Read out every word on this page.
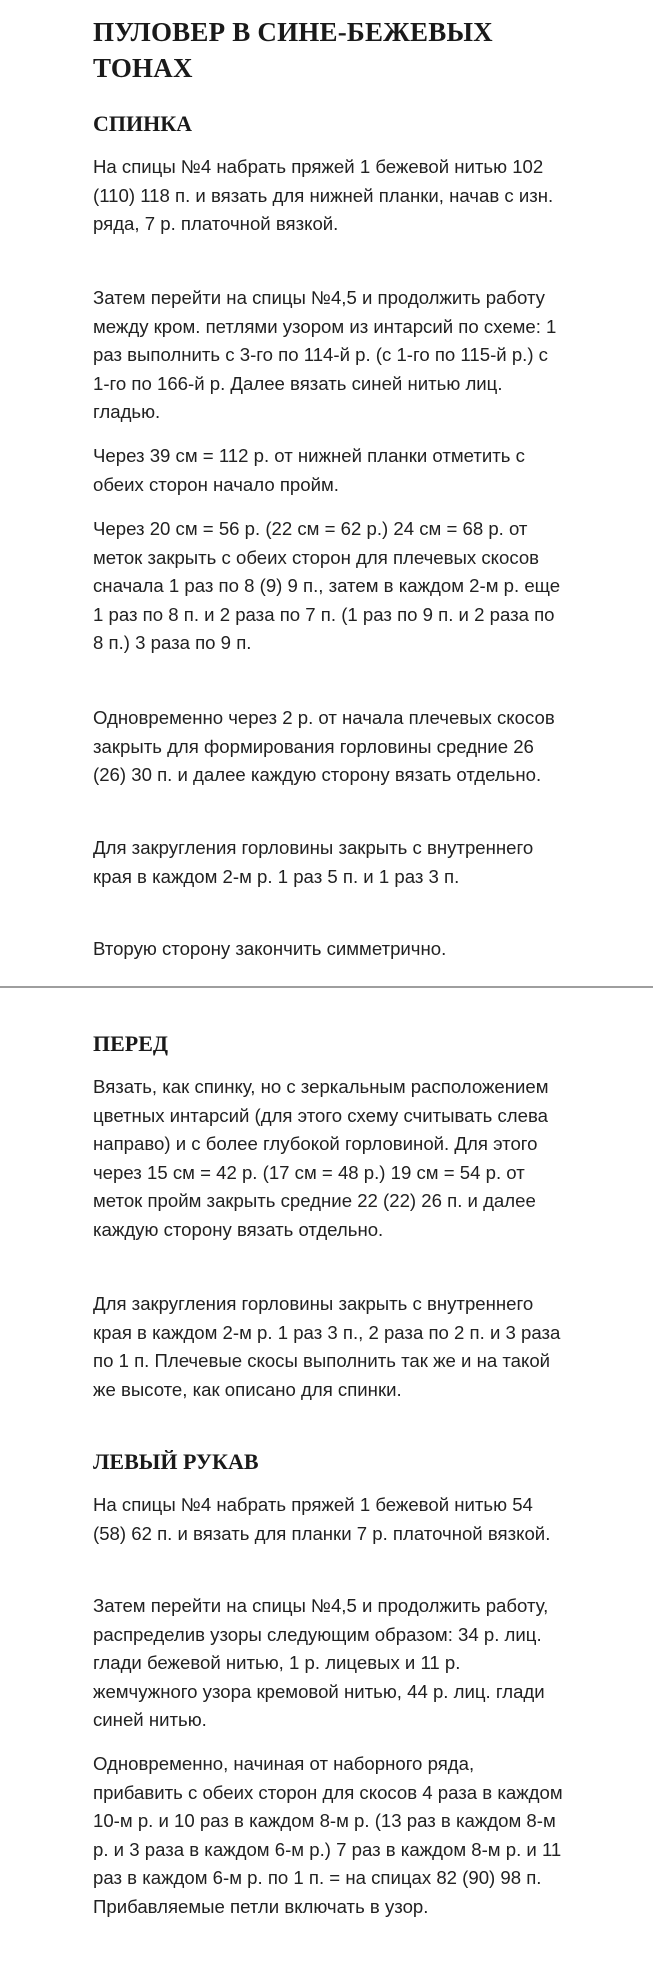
ПУЛОВЕР В СИНЕ-БЕЖЕВЫХ ТОНАХ
СПИНКА

На спицы №4 набрать пряжей 1 бежевой нитью 102 (110) 118 п. и вязать для нижней планки, начав с изн. ряда, 7 р. платочной вязкой.

Затем перейти на спицы №4,5 и продолжить работу между кром. петлями узором из интарсий по схеме: 1 раз выполнить с 3-го по 114-й р. (с 1-го по 115-й р.) с 1-го по 166-й р. Далее вязать синей нитью лиц. гладью.

Через 39 см = 112 р. от нижней планки отметить с обеих сторон начало пройм.

Через 20 см = 56 р. (22 см = 62 р.) 24 см = 68 р. от меток закрыть с обеих сторон для плечевых скосов сначала 1 раз по 8 (9) 9 п., затем в каждом 2-м р. еще 1 раз по 8 п. и 2 раза по 7 п. (1 раз по 9 п. и 2 раза по 8 п.) 3 раза по 9 п.

Одновременно через 2 р. от начала плечевых скосов закрыть для формирования горловины средние 26 (26) 30 п. и далее каждую сторону вязать отдельно.

Для закругления горловины закрыть с внутреннего края в каждом 2-м р. 1 раз 5 п. и 1 раз 3 п.

Вторую сторону закончить симметрично.

ПЕРЕД

Вязать, как спинку, но с зеркальным расположением цветных интарсий (для этого схему считывать слева направо) и с более глубокой горловиной. Для этого через 15 см = 42 р. (17 см = 48 р.) 19 см = 54 р. от меток пройм закрыть средние 22 (22) 26 п. и далее каждую сторону вязать отдельно.

Для закругления горловины закрыть с внутреннего края в каждом 2-м р. 1 раз 3 п., 2 раза по 2 п. и 3 раза по 1 п. Плечевые скосы выполнить так же и на такой же высоте, как описано для спинки.

ЛЕВЫЙ РУКАВ

На спицы №4 набрать пряжей 1 бежевой нитью 54 (58) 62 п. и вязать для планки 7 р. платочной вязкой.

Затем перейти на спицы №4,5 и продолжить работу, распределив узоры следующим образом: 34 р. лиц. глади бежевой нитью, 1 р. лицевых и 11 р. жемчужного узора кремовой нитью, 44 р. лиц. глади синей нитью.

Одновременно, начиная от наборного ряда, прибавить с обеих сторон для скосов 4 раза в каждом 10-м р. и 10 раз в каждом 8-м р. (13 раз в каждом 8-м р. и 3 раза в каждом 6-м р.) 7 раз в каждом 8-м р. и 11 раз в каждом 6-м р. по 1 п. = на спицах 82 (90) 98 п. Прибавляемые петли включать в узор.
